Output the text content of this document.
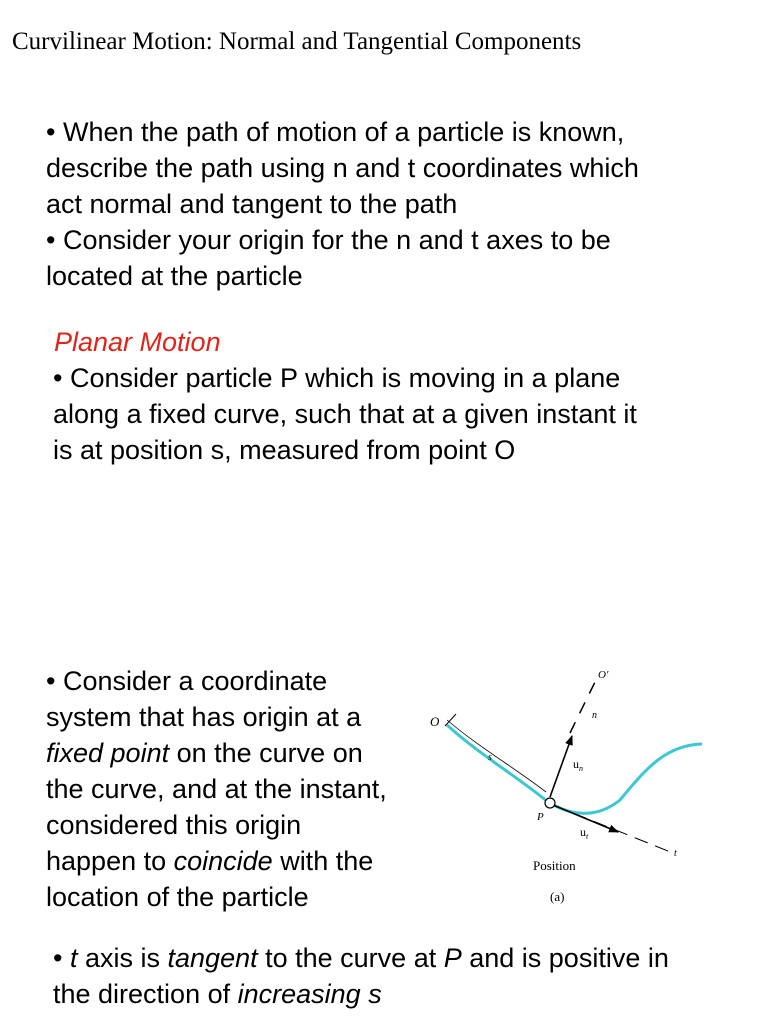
Curvilinear Motion: Normal and Tangential Components
• When the path of motion of a particle is known,
describe the path using n and t coordinates which
act normal and tangent to the path
• Consider your origin for the n and t axes to be
located at the particle
Planar Motion
• Consider particle P which is moving in a plane
along a fixed curve, such that at a given instant it
is at position s, measured from point O
• Consider a coordinate
system that has origin at a
fixed point on the curve on
the curve, and at the instant,
considered this origin
happen to coincide with the
location of the particle
O
O′
s
n
$u_n$
P
$u_t$
t
Position
(a)
• t axis is tangent to the curve at P and is positive in
the direction of increasing s
